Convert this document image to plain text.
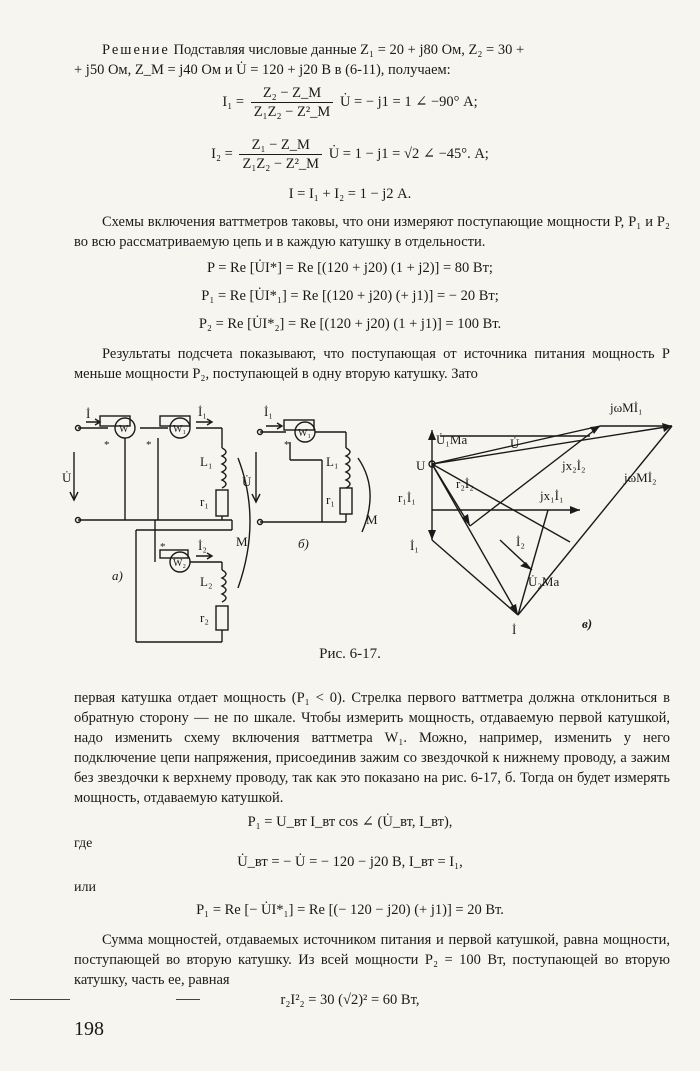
Решение Подставляя числовые данные Z₁ = 20 + j80 Ом, Z₂ = 30 +
+ j50 Ом, Z_M = j40 Ом и U̇ = 120 + j20 В в (6-11), получаем:

$I_1 = \frac{\text{Z₂ − Z\_M}}{\text{Z₁Z₂ − Z²\_M}}$ U̇ = − j1 = 1 ∠ −90° А;
$I_2 = \frac{\text{Z₁ − Z\_M}}{\text{Z₁Z₂ − Z²\_M}}$ U̇ = 1 − j1 = √2 ∠ −45°. А;
I = I₁ + I₂ = 1 − j2 А.

Схемы включения ваттметров таковы, что они измеряют поступающие мощности P, P₁ и P₂ во всю рассматриваемую цепь и в каждую катушку в отдельности.

P = Re [U̇I*] = Re [(120 + j20) (1 + j2)] = 80 Вт;
P₁ = Re [U̇I*₁] = Re [(120 + j20) (+ j1)] = − 20 Вт;
P₂ = Re [U̇I*₂] = Re [(120 + j20) (1 + j1)] = 100 Вт.

Результаты подсчета показывают, что поступающая от источника питания мощность P меньше мощности P₂, поступающей в одну вторую катушку. Зато

W	W₁
W₂
W₁
İ	İ₁
İ₂
İ₁
U̇	U̇
L₁
L₂
r₁
r₂
L₁
r₁
M
M
а)
б)
в)
*	*
*
*	U̇₁Mа	U̇
U
jωMİ₁
jωMİ₂
jx₂İ₂
jx₁İ₁
r₂İ₂
r₁İ₁
İ₁	İ₂
U̇₂Mа
İ
Рис. 6-17.

первая катушка отдает мощность (P₁ < 0). Стрелка первого ваттметра должна отклониться в обратную сторону — не по шкале. Чтобы измерить мощность, отдаваемую первой катушкой, надо изменить схему включения ваттметра W₁. Можно, например, изменить у него подключение цепи напряжения, присоединив зажим со звездочкой к нижнему проводу, а зажим без звездочки к верхнему проводу, так как это показано на рис. 6-17, б. Тогда он будет измерять мощность, отдаваемую катушкой.

P₁ = U_вт I_вт cos ∠ (U̇_вт, I_вт),
где
U̇_вт = − U̇ = − 120 − j20 В, I_вт = I₁,
или
P₁ = Re [− U̇I*₁] = Re [(− 120 − j20) (+ j1)] = 20 Вт.

Сумма мощностей, отдаваемых источником питания и первой катушкой, равна мощности, поступающей во вторую катушку. Из всей мощности P₂ = 100 Вт, поступающей во вторую катушку, часть ее, равная

r₂I²₂ = 30 (√2)² = 60 Вт,
198
